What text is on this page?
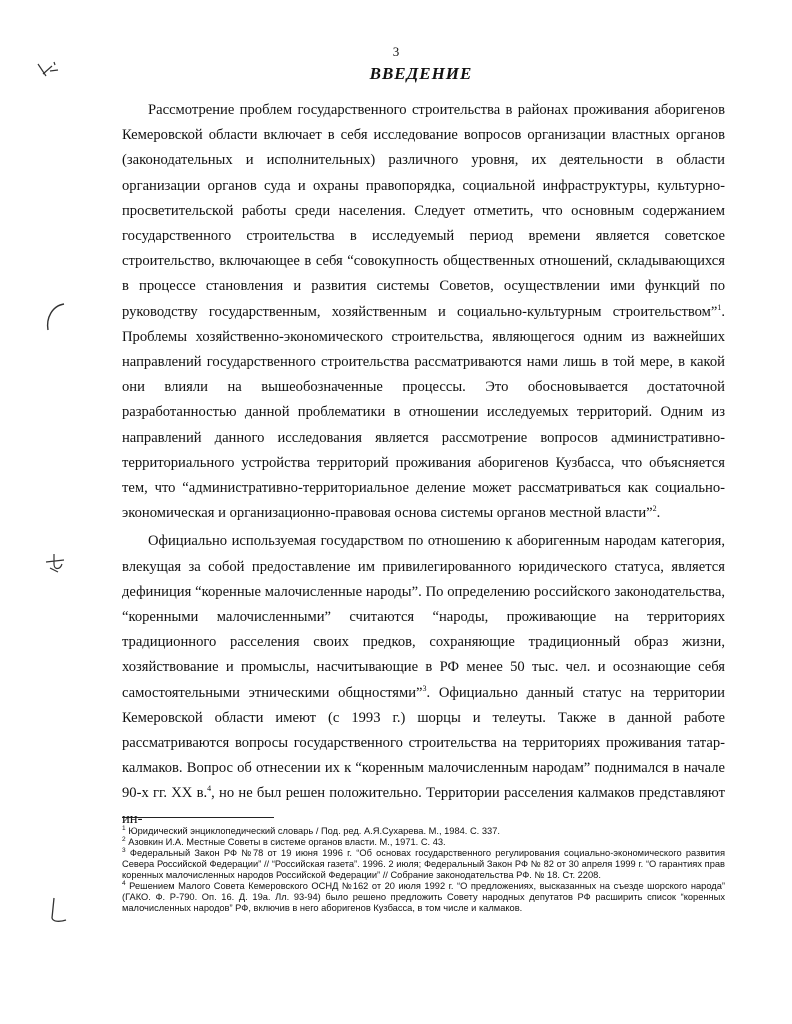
3
ВВЕДЕНИЕ

Рассмотрение проблем государственного строительства в районах проживания аборигенов Кемеровской области включает в себя исследование вопросов организации властных органов (законодательных и исполнительных) различного уровня, их деятельности в области организации органов суда и охраны правопорядка, социальной инфраструктуры, культурно-просветительской работы среди населения. Следует отметить, что основным содержанием государственного строительства в исследуемый период времени является советское строительство, включающее в себя “совокупность общественных отношений, складывающихся в процессе становления и развития системы Советов, осуществлении ими функций по руководству государственным, хозяйственным и социально-культурным строительством”$^1$. Проблемы хозяйственно-экономического строительства, являющегося одним из важнейших направлений государственного строительства рассматриваются нами лишь в той мере, в какой они влияли на вышеобозначенные процессы. Это обосновывается достаточной разработанностью данной проблематики в отношении исследуемых территорий. Одним из направлений данного исследования является рассмотрение вопросов административно-территориального устройства территорий проживания аборигенов Кузбасса, что объясняется тем, что “административно-территориальное деление может рассматриваться как социально-экономическая и организационно-правовая основа системы органов местной власти”$^2$.

Официально используемая государством по отношению к аборигенным народам категория, влекущая за собой предоставление им привилегированного юридического статуса, является дефиниция “коренные малочисленные народы”. По определению российского законодательства, “коренными малочисленными” считаются “народы, проживающие на территориях традиционного расселения своих предков, сохраняющие традиционный образ жизни, хозяйствование и промыслы, насчитывающие в РФ менее 50 тыс. чел. и осознающие себя самостоятельными этническими общностями”$^3$. Официально данный статус на территории Кемеровской области имеют (с 1993 г.) шорцы и телеуты. Также в данной работе рассматриваются вопросы государственного строительства на территориях проживания татар-калмаков. Вопрос об отнесении их к “коренным малочисленным народам” поднимался в начале 90-х гг. XX в.$^4$, но не был решен положительно. Территории расселения калмаков представляют ин-

$^1$ Юридический энциклопедический словарь / Под. ред. А.Я.Сухарева. М., 1984. С. 337.

$^2$ Азовкин И.А. Местные Советы в системе органов власти. М., 1971. С. 43.

$^3$ Федеральный Закон РФ №78 от 19 июня 1996 г. “Об основах государственного регулирования социально-экономического развития Севера Российской Федерации” // “Российская газета”. 1996. 2 июля; Федеральный Закон РФ № 82 от 30 апреля 1999 г. “О гарантиях прав коренных малочисленных народов Российской Федерации” // Собрание законодательства РФ. № 18. Ст. 2208.

$^4$ Решением Малого Совета Кемеровского ОСНД №162 от 20 июля 1992 г. “О предложениях, высказанных на съезде шорского народа” (ГАКО. Ф. Р-790. Оп. 16. Д. 19а. Лл. 93-94) было решено предложить Совету народных депутатов РФ расширить список “коренных малочисленных народов” РФ, включив в него аборигенов Кузбасса, в том числе и калмаков.
